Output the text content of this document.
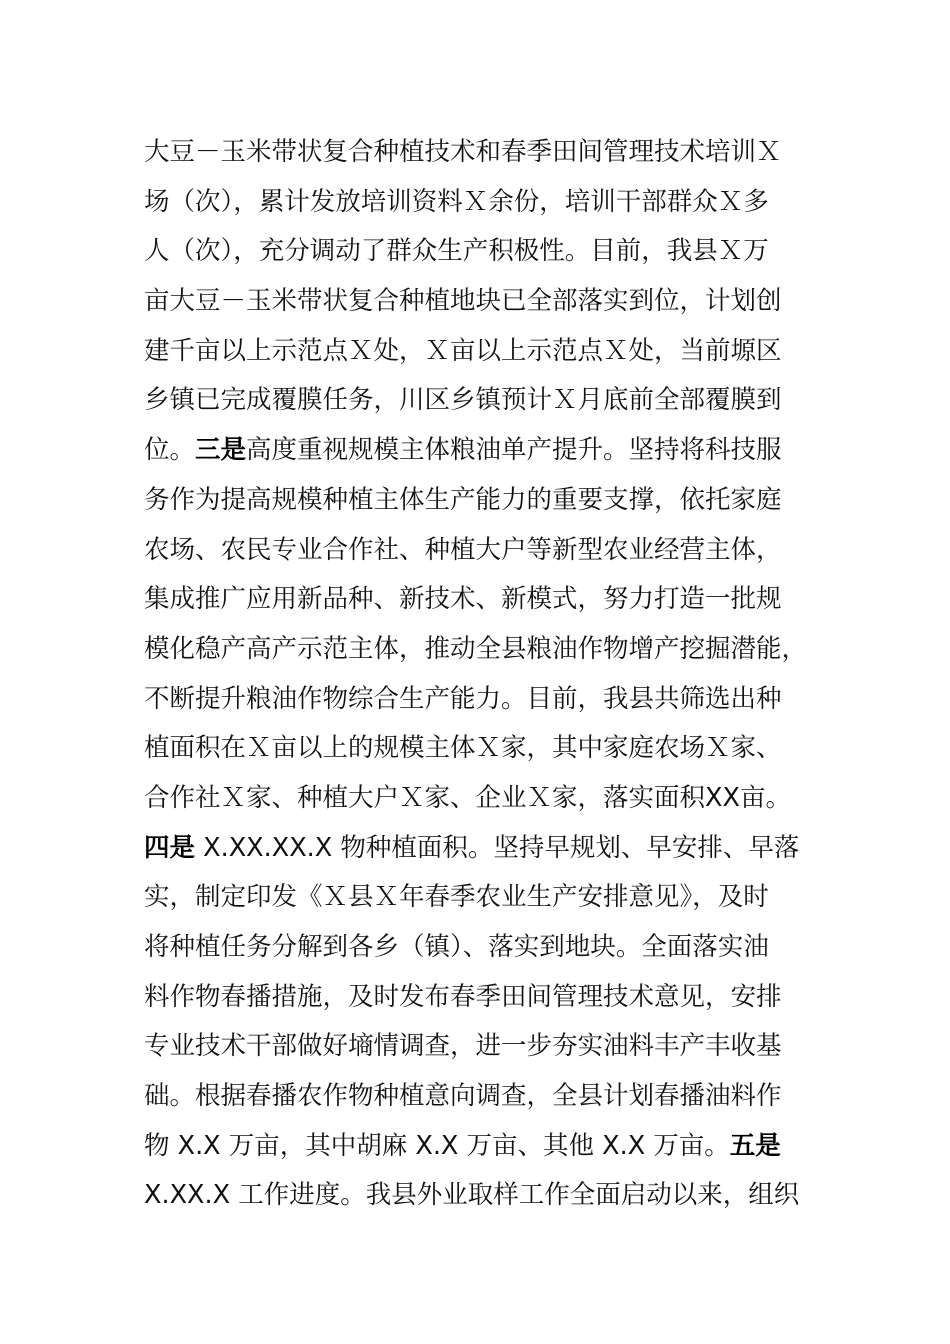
大豆－玉米带状复合种植技术和春季田间管理技术培训Ｘ
场（次），累计发放培训资料Ｘ余份，培训干部群众Ｘ多
人（次），充分调动了群众生产积极性。目前，我县Ｘ万
亩大豆－玉米带状复合种植地块已全部落实到位，计划创
建千亩以上示范点Ｘ处，Ｘ亩以上示范点Ｘ处，当前塬区
乡镇已完成覆膜任务，川区乡镇预计Ｘ月底前全部覆膜到
位。三是高度重视规模主体粮油单产提升。坚持将科技服
务作为提高规模种植主体生产能力的重要支撑，依托家庭
农场、农民专业合作社、种植大户等新型农业经营主体，
集成推广应用新品种、新技术、新模式，努力打造一批规
模化稳产高产示范主体，推动全县粮油作物增产挖掘潜能，
不断提升粮油作物综合生产能力。目前，我县共筛选出种
植面积在Ｘ亩以上的规模主体Ｘ家，其中家庭农场Ｘ家、
合作社Ｘ家、种植大户Ｘ家、企业Ｘ家，落实面积XX亩。
四是 X.XX.XX.X 物种植面积。坚持早规划、早安排、早落
实，制定印发《Ｘ县Ｘ年春季农业生产安排意见》，及时
将种植任务分解到各乡（镇）、落实到地块。全面落实油
料作物春播措施，及时发布春季田间管理技术意见，安排
专业技术干部做好墒情调查，进一步夯实油料丰产丰收基
础。根据春播农作物种植意向调查，全县计划春播油料作
物 X.X 万亩，其中胡麻 X.X 万亩、其他 X.X 万亩。五是
X.XX.X 工作进度。我县外业取样工作全面启动以来，组织
